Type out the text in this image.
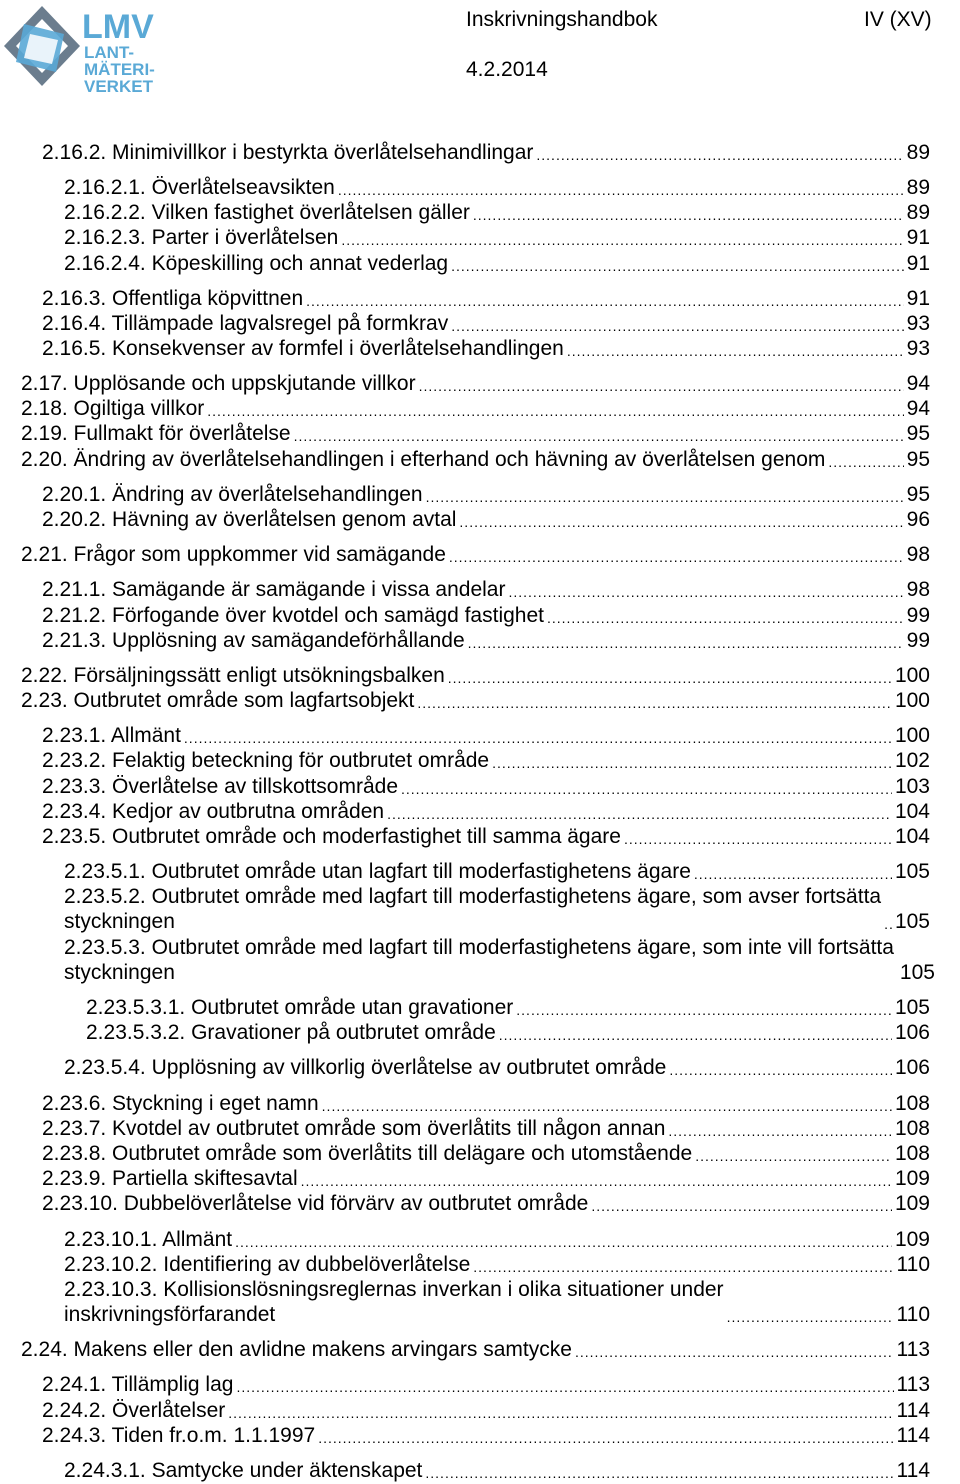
LMV
LANT-
MÄTERI-
VERKET
Inskrivningshandbok	IV (XV)
4.2.2014
2.16.2. Minimivillkor i bestyrkta överlåtelsehandlingar .....	89
2.16.2.1. Överlåtelseavsikten .....	89
2.16.2.2. Vilken fastighet överlåtelsen gäller .....	89
2.16.2.3. Parter i överlåtelsen .....	91
2.16.2.4. Köpeskilling och annat vederlag .....	91
2.16.3. Offentliga köpvittnen .....	91
2.16.4. Tillämpade lagvalsregel på formkrav .....	93
2.16.5. Konsekvenser av formfel i överlåtelsehandlingen .....	93
2.17. Upplösande och uppskjutande villkor .....	94
2.18. Ogiltiga villkor .....	94
2.19. Fullmakt för överlåtelse .....	95
2.20. Ändring av överlåtelsehandlingen i efterhand och hävning av överlåtelsen genom .....	95
2.20.1. Ändring av överlåtelsehandlingen .....	95
2.20.2. Hävning av överlåtelsen genom avtal .....	96
2.21. Frågor som uppkommer vid samägande .....	98
2.21.1. Samägande är samägande i vissa andelar .....	98
2.21.2. Förfogande över kvotdel och samägd fastighet .....	99
2.21.3. Upplösning av samägandeförhållande .....	99
2.22. Försäljningssätt enligt utsökningsbalken .....	100
2.23. Outbrutet område som lagfartsobjekt .....	100
2.23.1. Allmänt .....	100
2.23.2. Felaktig beteckning för outbrutet område .....	102
2.23.3. Överlåtelse av tillskottsområde .....	103
2.23.4. Kedjor av outbrutna områden .....	104
2.23.5. Outbrutet område och moderfastighet till samma ägare .....	104
2.23.5.1. Outbrutet område utan lagfart till moderfastighetens ägare .....	105
2.23.5.2. Outbrutet område med lagfart till moderfastighetens ägare, som avser fortsätta
styckningen .....	105
2.23.5.3. Outbrutet område med lagfart till moderfastighetens ägare, som inte vill fortsätta
styckningen	105
2.23.5.3.1. Outbrutet område utan gravationer .....	105
2.23.5.3.2. Gravationer på outbrutet område .....	106
2.23.5.4. Upplösning av villkorlig överlåtelse av outbrutet område .....	106
2.23.6. Styckning i eget namn .....	108
2.23.7. Kvotdel av outbrutet område som överlåtits till någon annan .....	108
2.23.8. Outbrutet område som överlåtits till delägare och utomstående .....	108
2.23.9. Partiella skiftesavtal .....	109
2.23.10. Dubbelöverlåtelse vid förvärv av outbrutet område .....	109
2.23.10.1. Allmänt .....	109
2.23.10.2. Identifiering av dubbelöverlåtelse .....	110
2.23.10.3. Kollisionslösningsreglernas inverkan i olika situationer under
inskrivningsförfarandet .....	110
2.24. Makens eller den avlidne makens arvingars samtycke .....	113
2.24.1. Tillämplig lag .....	113
2.24.2. Överlåtelser .....	114
2.24.3. Tiden fr.o.m. 1.1.1997 .....	114
2.24.3.1. Samtycke under äktenskapet .....	114
